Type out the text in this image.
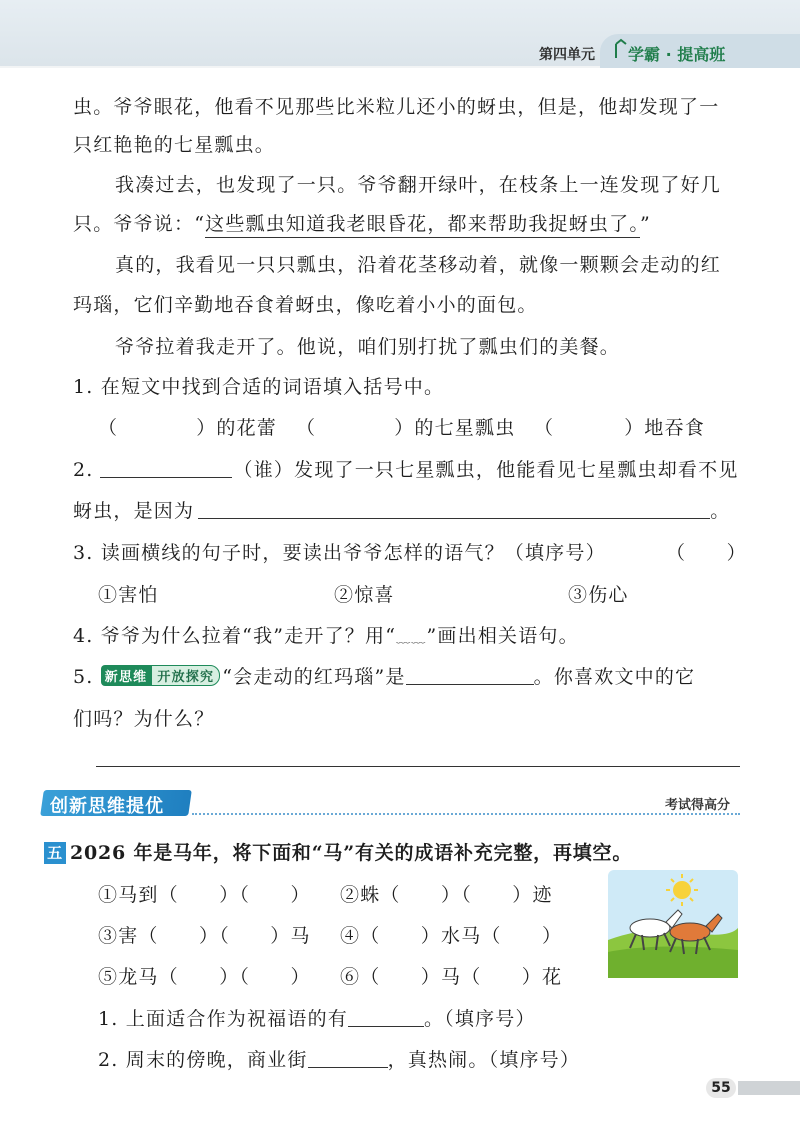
第四单元 学霸 · 提高班
虫。爷爷眼花，他看不见那些比米粒儿还小的蚜虫，但是，他却发现了一
只红艳艳的七星瓢虫。
我凑过去，也发现了一只。爷爷翻开绿叶，在枝条上一连发现了好几
只。爷爷说：“这些瓢虫知道我老眼昏花，都来帮助我捉蚜虫了。”
真的，我看见一只只瓢虫，沿着花茎移动着，就像一颗颗会走动的红
玛瑙，它们辛勤地吞食着蚜虫，像吃着小小的面包。
爷爷拉着我走开了。他说，咱们别打扰了瓢虫们的美餐。
1. 在短文中找到合适的词语填入括号中。
（	）的花蕾 （	）的七星瓢虫 （	）地吞食
2.	（谁）发现了一只七星瓢虫，他能看见七星瓢虫却看不见
蚜虫，是因为	。
3. 读画横线的句子时，要读出爷爷怎样的语气？（填序号）	（　　）
①害怕	②惊喜	③伤心
4. 爷爷为什么拉着“我”走开了？用“﹏﹏”画出相关语句。
5. 新思维 开放探究 “会走动的红玛瑙”是	。你喜欢文中的它
们吗？为什么？
创新思维提优	考试得高分
五 2026 年是马年，将下面和“马”有关的成语补充完整，再填空。
①马到（　　）（　　） ②蛛（　　）（　　）迹
③害（　　）（　　）马 ④（　　）水马（　　）
⑤龙马（　　）（　　） ⑥（　　）马（　　）花
1. 上面适合作为祝福语的有	。（填序号）
2. 周末的傍晚，商业街	，真热闹。（填序号）
55
